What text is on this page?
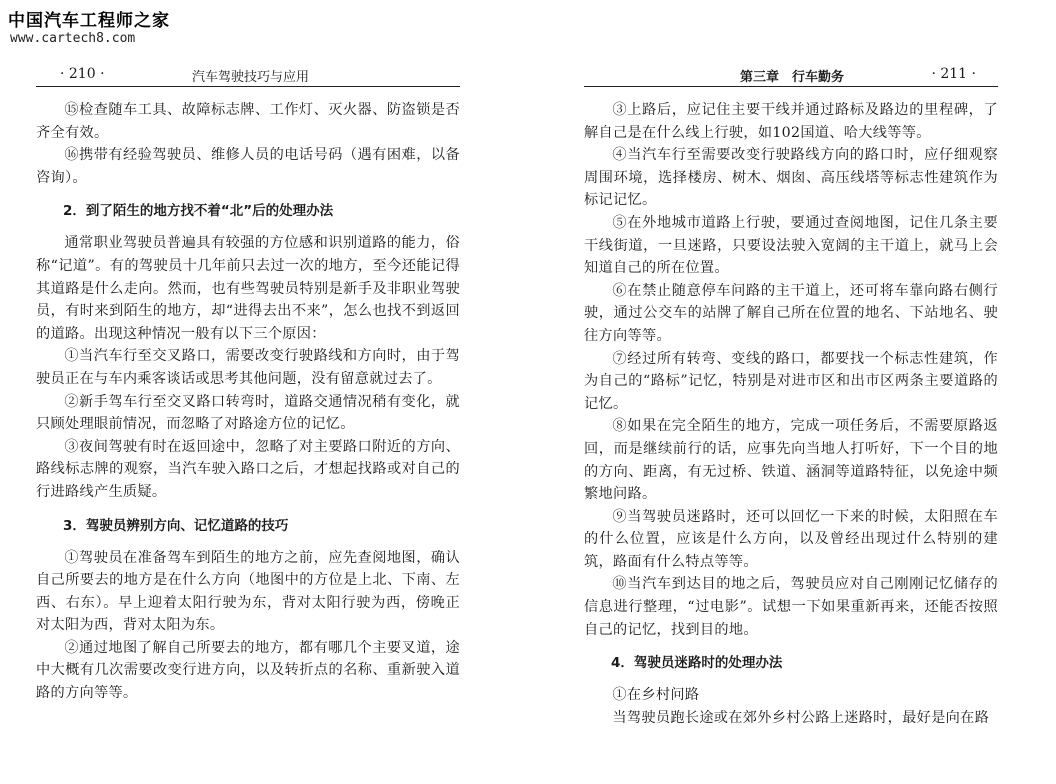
中国汽车工程师之家
www.cartech8.com
· 210 ·	汽车驾驶技巧与应用

⑮检查随车工具、故障标志牌、工作灯、灭火器、防盗锁是否齐全有效。

⑯携带有经验驾驶员、维修人员的电话号码（遇有困难，以备咨询）。

2．到了陌生的地方找不着“北”后的处理办法

通常职业驾驶员普遍具有较强的方位感和识别道路的能力，俗称“记道”。有的驾驶员十几年前只去过一次的地方，至今还能记得其道路是什么走向。然而，也有些驾驶员特别是新手及非职业驾驶员，有时来到陌生的地方，却“进得去出不来”，怎么也找不到返回的道路。出现这种情况一般有以下三个原因：

①当汽车行至交叉路口，需要改变行驶路线和方向时，由于驾驶员正在与车内乘客谈话或思考其他问题，没有留意就过去了。

②新手驾车行至交叉路口转弯时，道路交通情况稍有变化，就只顾处理眼前情况，而忽略了对路途方位的记忆。

③夜间驾驶有时在返回途中，忽略了对主要路口附近的方向、路线标志牌的观察，当汽车驶入路口之后，才想起找路或对自己的行进路线产生质疑。

3．驾驶员辨别方向、记忆道路的技巧

①驾驶员在准备驾车到陌生的地方之前，应先查阅地图，确认自己所要去的地方是在什么方向（地图中的方位是上北、下南、左西、右东）。早上迎着太阳行驶为东，背对太阳行驶为西，傍晚正对太阳为西，背对太阳为东。

②通过地图了解自己所要去的地方，都有哪几个主要叉道，途中大概有几次需要改变行进方向，以及转折点的名称、重新驶入道路的方向等等。

第三章　行车勤务	· 211 ·

③上路后，应记住主要干线并通过路标及路边的里程碑，了解自己是在什么线上行驶，如102国道、哈大线等等。

④当汽车行至需要改变行驶路线方向的路口时，应仔细观察周围环境，选择楼房、树木、烟囱、高压线塔等标志性建筑作为标记记忆。

⑤在外地城市道路上行驶，要通过查阅地图，记住几条主要干线街道，一旦迷路，只要设法驶入宽阔的主干道上，就马上会知道自己的所在位置。

⑥在禁止随意停车问路的主干道上，还可将车靠向路右侧行驶，通过公交车的站牌了解自己所在位置的地名、下站地名、驶往方向等等。

⑦经过所有转弯、变线的路口，都要找一个标志性建筑，作为自己的“路标”记忆，特别是对进市区和出市区两条主要道路的记忆。

⑧如果在完全陌生的地方，完成一项任务后，不需要原路返回，而是继续前行的话，应事先向当地人打听好，下一个目的地的方向、距离，有无过桥、铁道、涵洞等道路特征，以免途中频繁地问路。

⑨当驾驶员迷路时，还可以回忆一下来的时候，太阳照在车的什么位置，应该是什么方向，以及曾经出现过什么特别的建筑，路面有什么特点等等。

⑩当汽车到达目的地之后，驾驶员应对自己刚刚记忆储存的信息进行整理，“过电影”。试想一下如果重新再来，还能否按照自己的记忆，找到目的地。

4．驾驶员迷路时的处理办法

①在乡村问路

当驾驶员跑长途或在郊外乡村公路上迷路时，最好是向在路
